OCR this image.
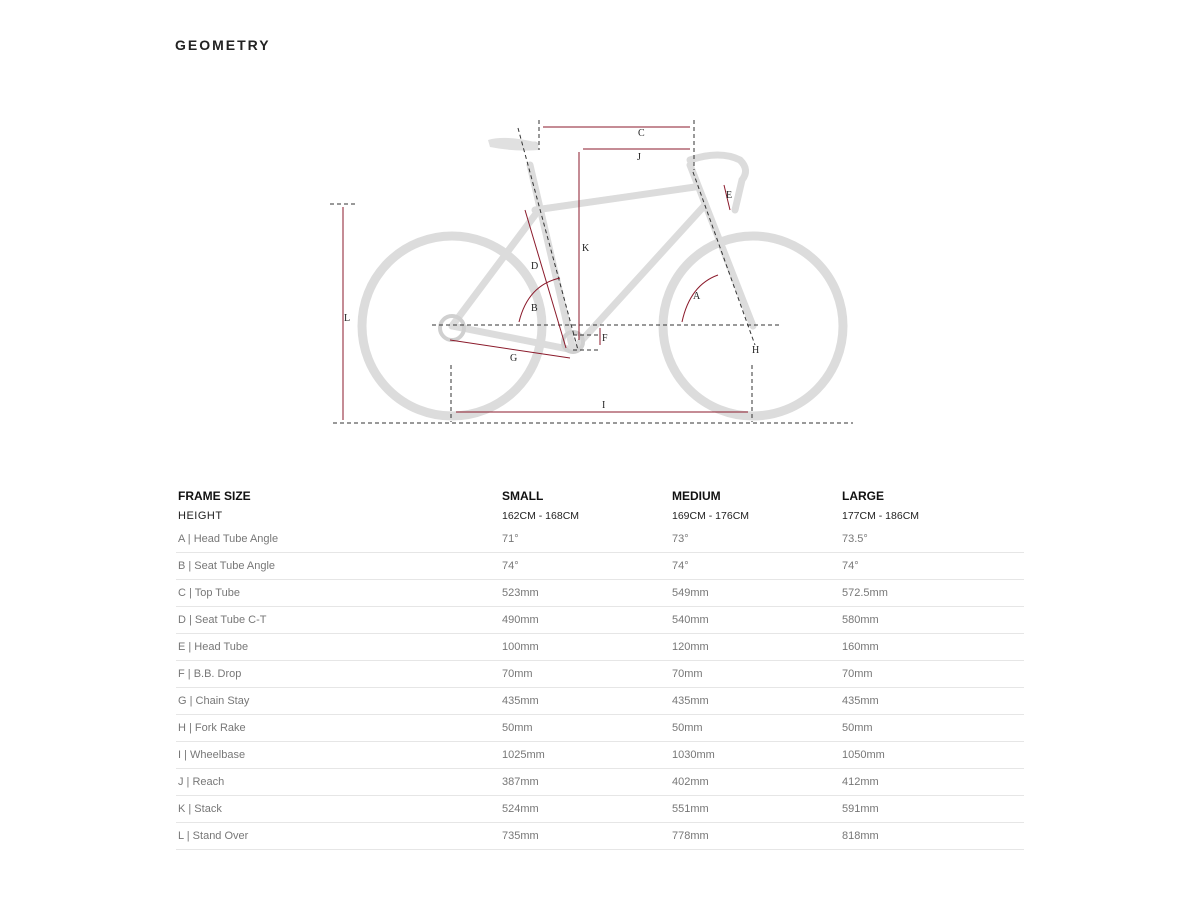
GEOMETRY
C
J
E
K
D
B
A
L
F
H
G
I
FRAME SIZE	SMALL	MEDIUM	LARGE
HEIGHT	162CM - 168CM	169CM - 176CM	177CM - 186CM
A | Head Tube Angle	71°	73°	73.5°
B | Seat Tube Angle	74°	74°	74°
C | Top Tube	523mm	549mm	572.5mm
D | Seat Tube C-T	490mm	540mm	580mm
E | Head Tube	100mm	120mm	160mm
F | B.B. Drop	70mm	70mm	70mm
G | Chain Stay	435mm	435mm	435mm
H | Fork Rake	50mm	50mm	50mm
I | Wheelbase	1025mm	1030mm	1050mm
J | Reach	387mm	402mm	412mm
K | Stack	524mm	551mm	591mm
L | Stand Over	735mm	778mm	818mm
